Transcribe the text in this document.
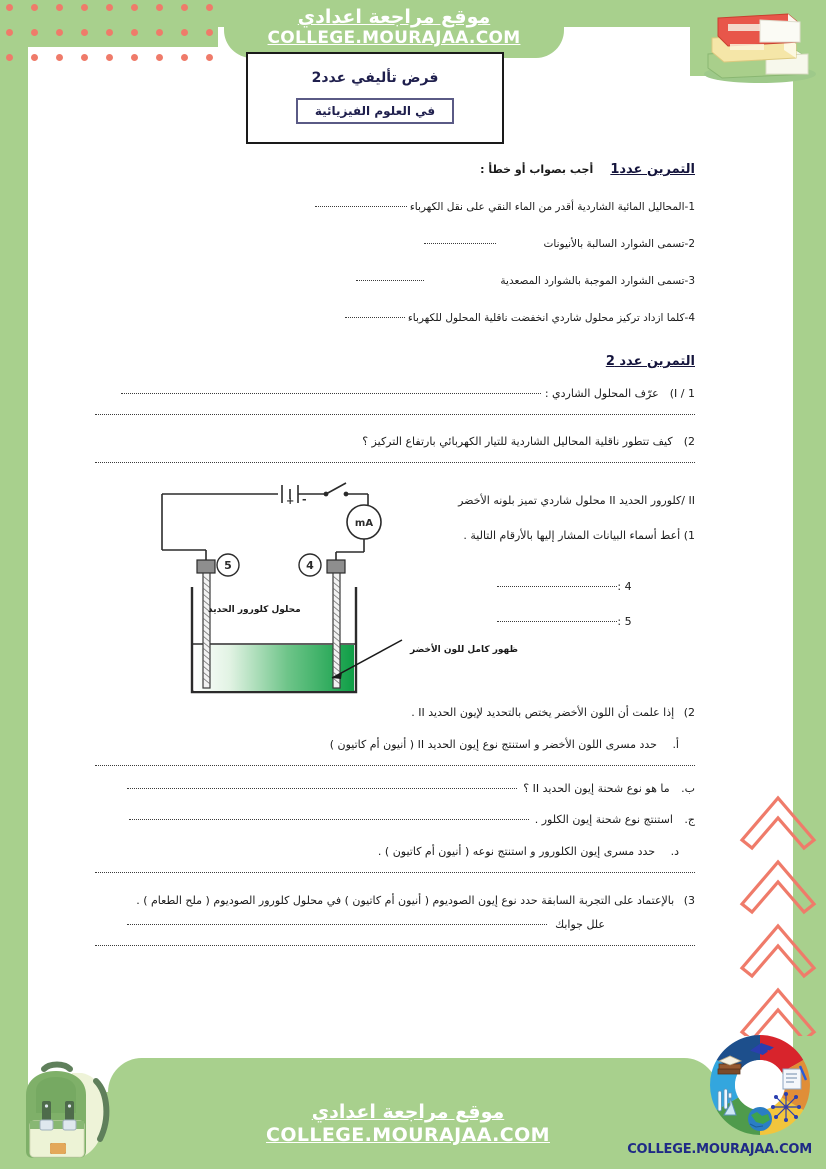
موقع مراجعة اعدادي
COLLEGE.MOURAJAA.COM
فرض تأليفي عدد2
في العلوم الفيزيائية
التمرين عدد1 أجب بصواب أو خطأ :
1-المحاليل المائية الشاردية أقدر من الماء النقي على نقل الكهرباء
2-تسمى الشوارد السالبة بالأنيونات
3-تسمى الشوارد الموجبة بالشوارد المصعدية
4-كلما ازداد تركيز محلول شاردي انخفضت ناقلية المحلول للكهرباء
التمرين عدد 2
I / 1) عرّف المحلول الشاردي :
2) كيف تتطور ناقلية المحاليل الشاردية للتيار الكهربائي بارتفاع التركيز ؟
+ -
mA
5	4
محلول كلورور الحديد
ظهور كامل للون الأخضر
II /كلورور الحديد II محلول شاردي تميز بلونه الأخضر
1) أعط أسماء البيانات المشار إليها بالأرقام التالية .
4 :
5 :
2) إذا علمت أن اللون الأخضر يختص بالتحديد لإيون الحديد II .
أ. حدد مسرى اللون الأخضر و استنتج نوع إيون الحديد II ( أنيون أم كاتيون )
ب. ما هو نوع شحنة إيون الحديد II ؟
ج. استنتج نوع شحنة إيون الكلور .
د. حدد مسرى إيون الكلورور و استنتج نوعه ( أنيون أم كاتيون ) .
3) بالإعتماد على التجربة السابقة حدد نوع إيون الصوديوم ( أنيون أم كاتيون ) في محلول كلورور الصوديوم ( ملح الطعام ) .
علل جوابك
موقع مراجعة اعدادي
COLLEGE.MOURAJAA.COM
COLLEGE.MOURAJAA.COM
